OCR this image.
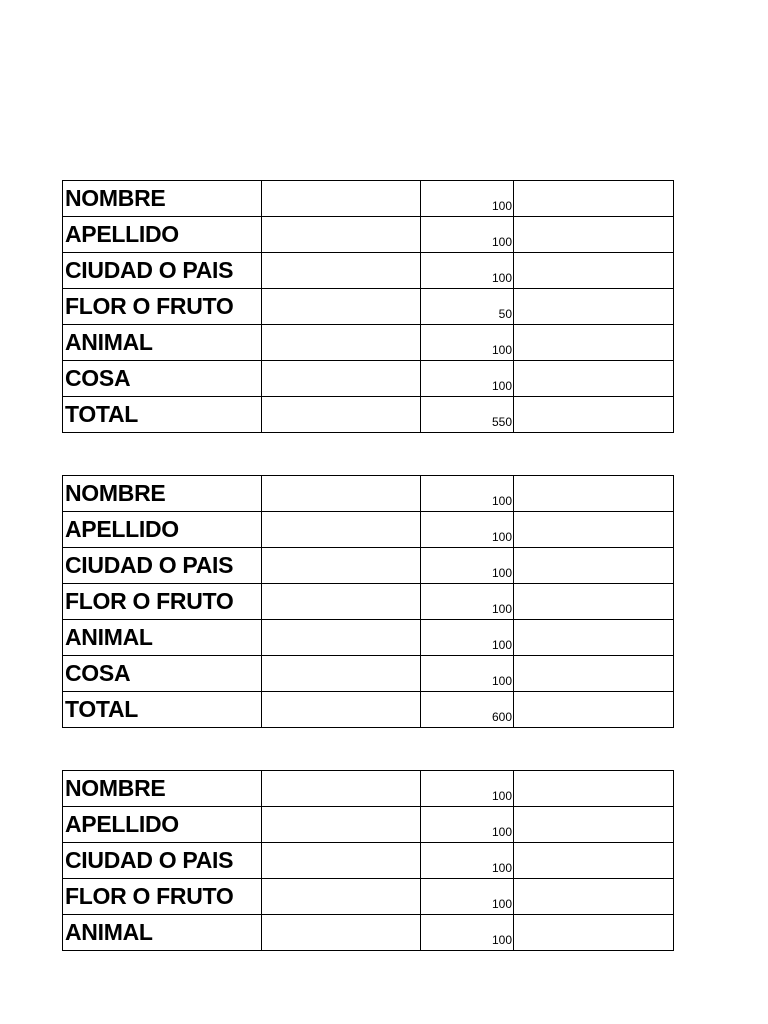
NOMBRE		100	
APELLIDO		100	
CIUDAD O PAIS		100	
FLOR O FRUTO		50	
ANIMAL		100	
COSA		100	
TOTAL		550	
NOMBRE		100	
APELLIDO		100	
CIUDAD O PAIS		100	
FLOR O FRUTO		100	
ANIMAL		100	
COSA		100	
TOTAL		600	
NOMBRE		100	
APELLIDO		100	
CIUDAD O PAIS		100	
FLOR O FRUTO		100	
ANIMAL		100	
